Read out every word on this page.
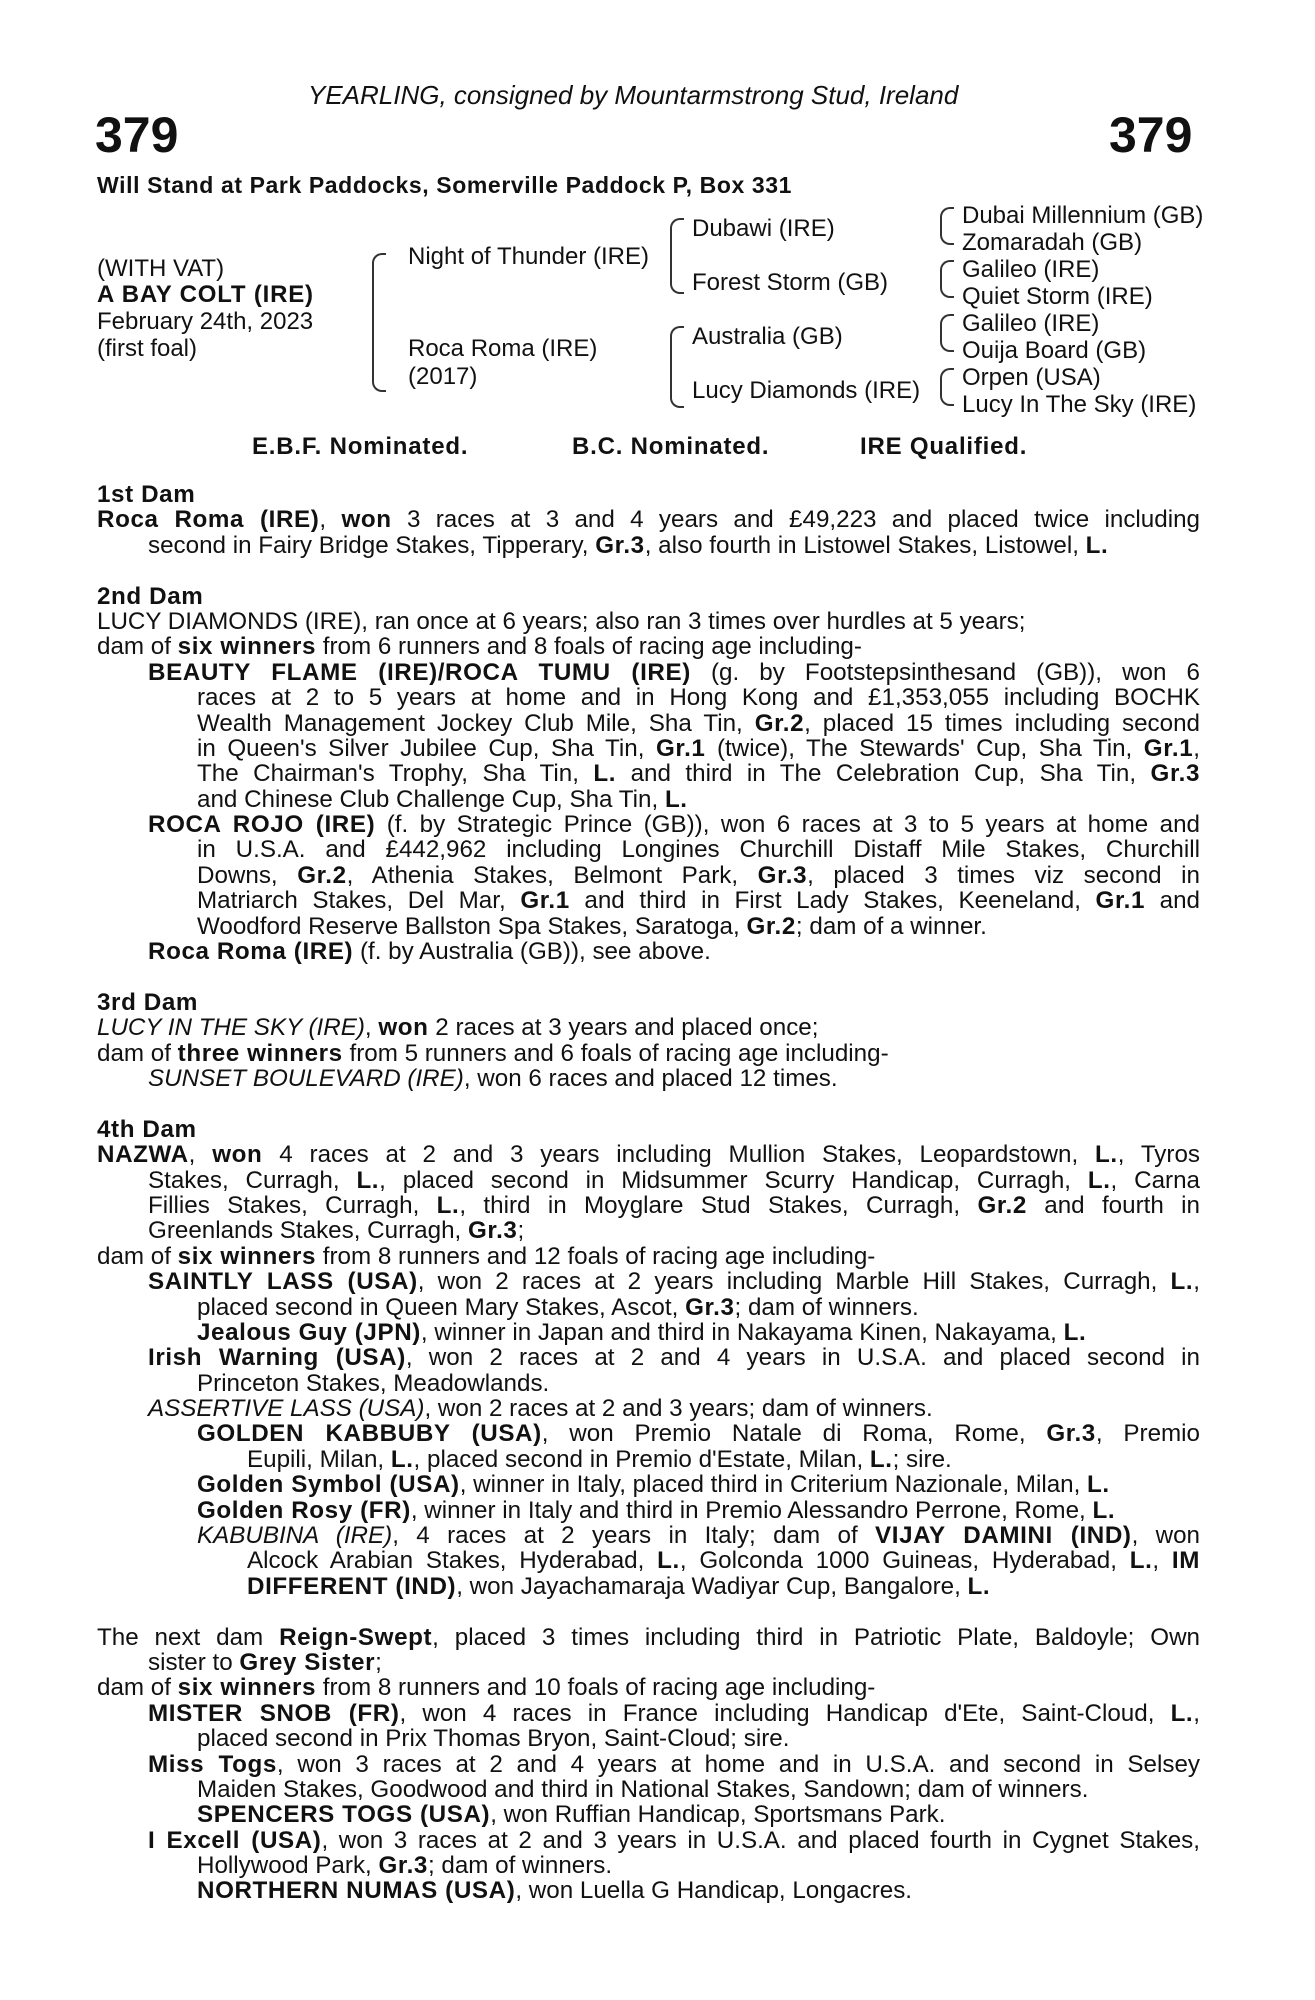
YEARLING, consigned by Mountarmstrong Stud, Ireland
379	379
Will Stand at Park Paddocks, Somerville Paddock P, Box 331
(WITH VAT)
A BAY COLT (IRE)
February 24th, 2023
(first foal)
Night of Thunder (IRE)
Roca Roma (IRE)
(2017)
Dubawi (IRE)
Forest Storm (GB)
Australia (GB)
Lucy Diamonds (IRE)
Dubai Millennium (GB)
Zomaradah (GB)
Galileo (IRE)
Quiet Storm (IRE)
Galileo (IRE)
Ouija Board (GB)
Orpen (USA)
Lucy In The Sky (IRE)
E.B.F. Nominated.	B.C. Nominated.	IRE Qualified.
1st Dam
Roca Roma (IRE), won 3 races at 3 and 4 years and £49,223 and placed twice including
second in Fairy Bridge Stakes, Tipperary, Gr.3, also fourth in Listowel Stakes, Listowel, L.
2nd Dam
LUCY DIAMONDS (IRE), ran once at 6 years; also ran 3 times over hurdles at 5 years;
dam of six winners from 6 runners and 8 foals of racing age including-
BEAUTY FLAME (IRE)/ROCA TUMU (IRE) (g. by Footstepsinthesand (GB)), won 6
races at 2 to 5 years at home and in Hong Kong and £1,353,055 including BOCHK
Wealth Management Jockey Club Mile, Sha Tin, Gr.2, placed 15 times including second
in Queen's Silver Jubilee Cup, Sha Tin, Gr.1 (twice), The Stewards' Cup, Sha Tin, Gr.1,
The Chairman's Trophy, Sha Tin, L. and third in The Celebration Cup, Sha Tin, Gr.3
and Chinese Club Challenge Cup, Sha Tin, L.
ROCA ROJO (IRE) (f. by Strategic Prince (GB)), won 6 races at 3 to 5 years at home and
in U.S.A. and £442,962 including Longines Churchill Distaff Mile Stakes, Churchill
Downs, Gr.2, Athenia Stakes, Belmont Park, Gr.3, placed 3 times viz second in
Matriarch Stakes, Del Mar, Gr.1 and third in First Lady Stakes, Keeneland, Gr.1 and
Woodford Reserve Ballston Spa Stakes, Saratoga, Gr.2; dam of a winner.
Roca Roma (IRE) (f. by Australia (GB)), see above.
3rd Dam
LUCY IN THE SKY (IRE), won 2 races at 3 years and placed once;
dam of three winners from 5 runners and 6 foals of racing age including-
SUNSET BOULEVARD (IRE), won 6 races and placed 12 times.
4th Dam
NAZWA, won 4 races at 2 and 3 years including Mullion Stakes, Leopardstown, L., Tyros
Stakes, Curragh, L., placed second in Midsummer Scurry Handicap, Curragh, L., Carna
Fillies Stakes, Curragh, L., third in Moyglare Stud Stakes, Curragh, Gr.2 and fourth in
Greenlands Stakes, Curragh, Gr.3;
dam of six winners from 8 runners and 12 foals of racing age including-
SAINTLY LASS (USA), won 2 races at 2 years including Marble Hill Stakes, Curragh, L.,
placed second in Queen Mary Stakes, Ascot, Gr.3; dam of winners.
Jealous Guy (JPN), winner in Japan and third in Nakayama Kinen, Nakayama, L.
Irish Warning (USA), won 2 races at 2 and 4 years in U.S.A. and placed second in
Princeton Stakes, Meadowlands.
ASSERTIVE LASS (USA), won 2 races at 2 and 3 years; dam of winners.
GOLDEN KABBUBY (USA), won Premio Natale di Roma, Rome, Gr.3, Premio
Eupili, Milan, L., placed second in Premio d'Estate, Milan, L.; sire.
Golden Symbol (USA), winner in Italy, placed third in Criterium Nazionale, Milan, L.
Golden Rosy (FR), winner in Italy and third in Premio Alessandro Perrone, Rome, L.
KABUBINA (IRE), 4 races at 2 years in Italy; dam of VIJAY DAMINI (IND), won
Alcock Arabian Stakes, Hyderabad, L., Golconda 1000 Guineas, Hyderabad, L., IM
DIFFERENT (IND), won Jayachamaraja Wadiyar Cup, Bangalore, L.
The next dam Reign-Swept, placed 3 times including third in Patriotic Plate, Baldoyle; Own
sister to Grey Sister;
dam of six winners from 8 runners and 10 foals of racing age including-
MISTER SNOB (FR), won 4 races in France including Handicap d'Ete, Saint-Cloud, L.,
placed second in Prix Thomas Bryon, Saint-Cloud; sire.
Miss Togs, won 3 races at 2 and 4 years at home and in U.S.A. and second in Selsey
Maiden Stakes, Goodwood and third in National Stakes, Sandown; dam of winners.
SPENCERS TOGS (USA), won Ruffian Handicap, Sportsmans Park.
I Excell (USA), won 3 races at 2 and 3 years in U.S.A. and placed fourth in Cygnet Stakes,
Hollywood Park, Gr.3; dam of winners.
NORTHERN NUMAS (USA), won Luella G Handicap, Longacres.
